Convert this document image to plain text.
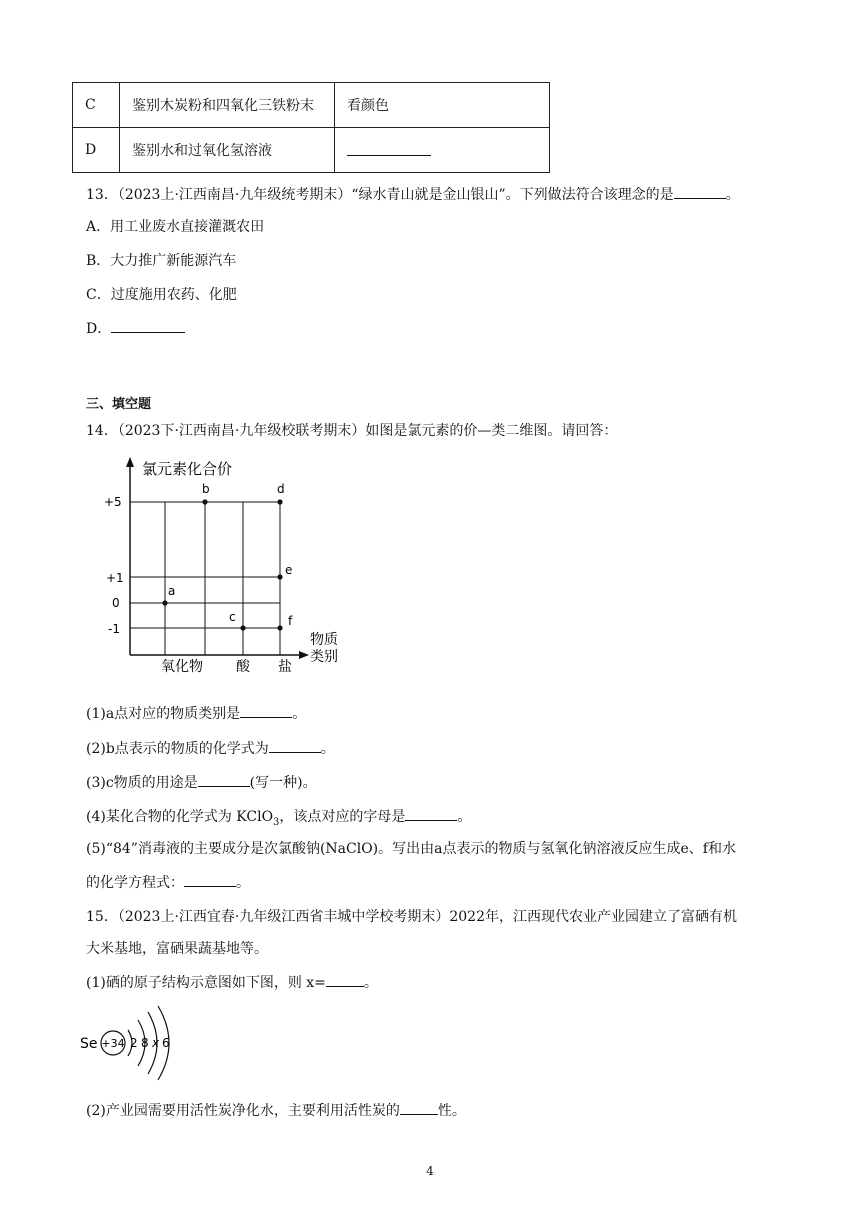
C	鉴别木炭粉和四氧化三铁粉末	看颜色
D	鉴别水和过氧化氢溶液	
13．（2023上·江西南昌·九年级统考期末）“绿水青山就是金山银山”。下列做法符合该理念的是	。
A．用工业废水直接灌溉农田
B．大力推广新能源汽车
C．过度施用农药、化肥
D．
三、填空题
14．（2023下·江西南昌·九年级校联考期末）如图是氯元素的价—类二维图。请回答：
氯元素化合价
+5
+1
0
-1
氧化物 酸 盐
物质
类别
a
b
c
d
e
f
(1)a点对应的物质类别是	。
(2)b点表示的物质的化学式为	。
(3)c物质的用途是	(写一种)。
(4)某化合物的化学式为 KClO$_3$，该点对应的字母是	。
(5)“84”消毒液的主要成分是次氯酸钠(NaClO)。写出由a点表示的物质与氢氧化钠溶液反应生成e、f和水
的化学方程式：	。
15．（2023上·江西宜春·九年级江西省丰城中学校考期末）2022年，江西现代农业产业园建立了富硒有机
大米基地，富硒果蔬基地等。
(1)硒的原子结构示意图如下图，则 x=	。
Se +34 2 8 x 6
(2)产业园需要用活性炭净化水，主要利用活性炭的	性。
4
